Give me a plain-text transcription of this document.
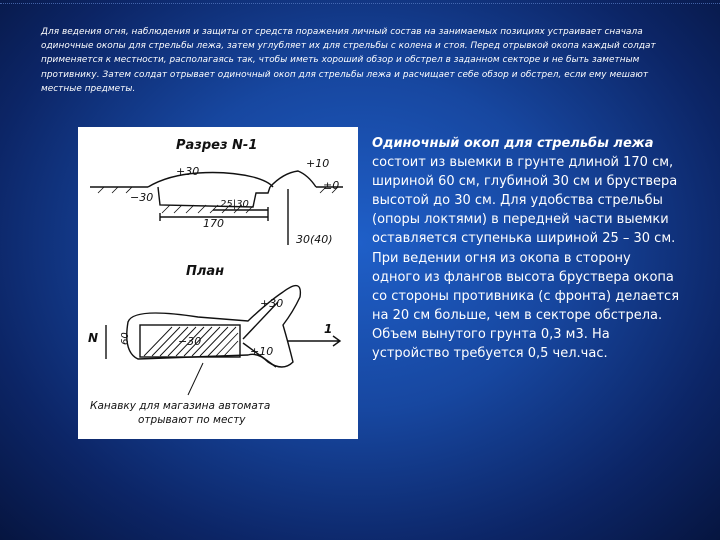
Для ведения огня, наблюдения и защиты от средств поражения личный состав на занимаемых позициях устраивает сначала одиночные окопы для стрельбы лежа, затем углубляет их для стрельбы с колена и стоя. Перед отрывкой окопа каждый солдат применяется к местности, располагаясь так, чтобы иметь хороший обзор и обстрел в заданном секторе и не быть заметным противнику. Затем солдат отрывает одиночный окоп для стрельбы лежа и расчищает себе обзор и обстрел, если ему мешают местные предметы.
Разрез N-1
+30
+10
±0
−30
25|30
170
30(40)
План
+30
N 60	−30
+10
1
Канавку для магазина автомата отрывают по месту
Одиночный окоп для стрельбы лежа состоит из выемки в грунте длиной 170 см, шириной 60 см, глубиной 30 см и бруствера высотой до 30 см. Для удобства стрельбы (опоры локтями) в передней части выемки оставляется ступенька шириной 25 – 30 см.
При ведении огня из окопа в сторону одного из флангов высота бруствера окопа со стороны противника (с фронта) делается на 20 см больше, чем в секторе обстрела.
Объем вынутого грунта 0,3 м3. На устройство требуется 0,5 чел.час.
